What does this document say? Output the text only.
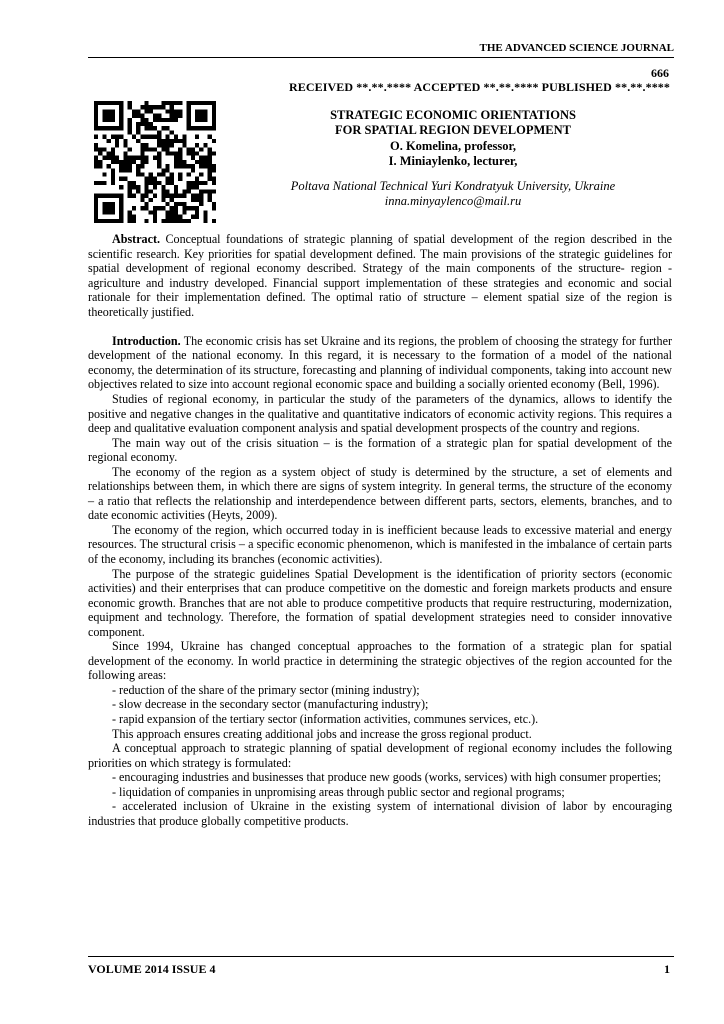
THE ADVANCED SCIENCE JOURNAL
666
RECEIVED **.**.**** ACCEPTED **.**.**** PUBLISHED **.**.****
STRATEGIC ECONOMIC ORIENTATIONS
FOR SPATIAL REGION DEVELOPMENT
O. Komelina, professor,
I. Miniaylenko, lecturer,
Poltava National Technical Yuri Kondratyuk University, Ukraine
inna.minyaylenco@mail.ru

Abstract. Conceptual foundations of strategic planning of spatial development of the region described in the scientific research. Key priorities for spatial development defined. The main provisions of the strategic guidelines for spatial development of regional economy described. Strategy of the main components of the structure- region - agriculture and industry developed. Financial support implementation of these strategies and economic and social rationale for their implementation defined. The optimal ratio of structure – element spatial size of the region is theoretically justified.

Introduction. The economic crisis has set Ukraine and its regions, the problem of choosing the strategy for further development of the national economy. In this regard, it is necessary to the formation of a model of the national economy, the determination of its structure, forecasting and planning of individual components, taking into account new objectives related to size into account regional economic space and building a socially oriented economy (Bell, 1996).

Studies of regional economy, in particular the study of the parameters of the dynamics, allows to identify the positive and negative changes in the qualitative and quantitative indicators of economic activity regions. This requires a deep and qualitative evaluation component analysis and spatial development prospects of the country and regions.

The main way out of the crisis situation – is the formation of a strategic plan for spatial development of the regional economy.

The economy of the region as a system object of study is determined by the structure, a set of elements and relationships between them, in which there are signs of system integrity. In general terms, the structure of the economy – a ratio that reflects the relationship and interdependence between different parts, sectors, elements, branches, and to date economic activities (Heyts, 2009).

The economy of the region, which occurred today in is inefficient because leads to excessive material and energy resources. The structural crisis – a specific economic phenomenon, which is manifested in the imbalance of certain parts of the economy, including its branches (economic activities).

The purpose of the strategic guidelines Spatial Development is the identification of priority sectors (economic activities) and their enterprises that can produce competitive on the domestic and foreign markets products and ensure economic growth. Branches that are not able to produce competitive products that require restructuring, modernization, equipment and technology. Therefore, the formation of spatial development strategies need to consider innovative component.

Since 1994, Ukraine has changed conceptual approaches to the formation of a strategic plan for spatial development of the economy. In world practice in determining the strategic objectives of the region accounted for the following areas:

- reduction of the share of the primary sector (mining industry);

- slow decrease in the secondary sector (manufacturing industry);

- rapid expansion of the tertiary sector (information activities, communes services, etc.).

This approach ensures creating additional jobs and increase the gross regional product.

A conceptual approach to strategic planning of spatial development of regional economy includes the following priorities on which strategy is formulated:

- encouraging industries and businesses that produce new goods (works, services) with high consumer properties;

- liquidation of companies in unpromising areas through public sector and regional programs;

- accelerated inclusion of Ukraine in the existing system of international division of labor by encouraging industries that produce globally competitive products.

VOLUME 2014 ISSUE 4	1
